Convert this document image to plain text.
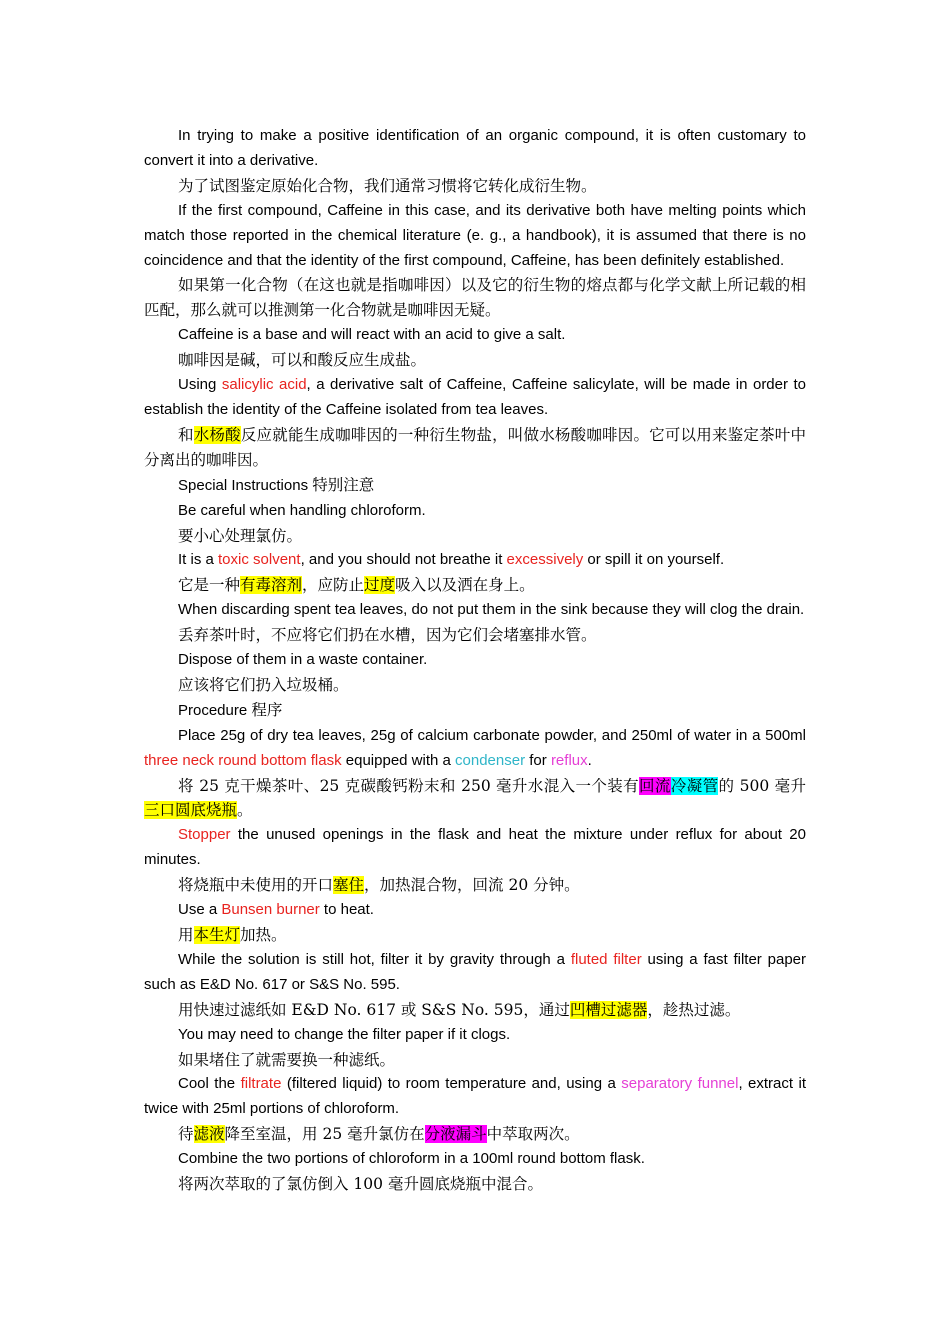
In trying to make a positive identification of an organic compound, it is often customary to convert it into a derivative.

为了试图鉴定原始化合物，我们通常习惯将它转化成衍生物。

If the first compound, Caffeine in this case, and its derivative both have melting points which match those reported in the chemical literature (e. g., a handbook), it is assumed that there is no coincidence and that the identity of the first compound, Caffeine, has been definitely established.

如果第一化合物（在这也就是指咖啡因）以及它的衍生物的熔点都与化学文献上所记载的相匹配，那么就可以推测第一化合物就是咖啡因无疑。

Caffeine is a base and will react with an acid to give a salt.

咖啡因是碱，可以和酸反应生成盐。

Using salicylic acid, a derivative salt of Caffeine, Caffeine salicylate, will be made in order to establish the identity of the Caffeine isolated from tea leaves.

和水杨酸反应就能生成咖啡因的一种衍生物盐，叫做水杨酸咖啡因。它可以用来鉴定茶叶中分离出的咖啡因。

Special Instructions 特别注意

Be careful when handling chloroform.

要小心处理氯仿。

It is a toxic solvent, and you should not breathe it excessively or spill it on yourself.

它是一种有毒溶剂，应防止过度吸入以及洒在身上。

When discarding spent tea leaves, do not put them in the sink because they will clog the drain.

丢弃茶叶时，不应将它们扔在水槽，因为它们会堵塞排水管。

Dispose of them in a waste container.

应该将它们扔入垃圾桶。

Procedure 程序

Place 25g of dry tea leaves, 25g of calcium carbonate powder, and 250ml of water in a 500ml three neck round bottom flask equipped with a condenser for reflux.

将 25 克干燥茶叶、25 克碳酸钙粉末和 250 毫升水混入一个装有回流冷凝管的 500 毫升三口圆底烧瓶。

Stopper the unused openings in the flask and heat the mixture under reflux for about 20 minutes.

将烧瓶中未使用的开口塞住，加热混合物，回流 20 分钟。

Use a Bunsen burner to heat.

用本生灯加热。

While the solution is still hot, filter it by gravity through a fluted filter using a fast filter paper such as E&D No. 617 or S&S No. 595.

用快速过滤纸如 E&D No. 617 或 S&S No. 595，通过凹槽过滤器，趁热过滤。

You may need to change the filter paper if it clogs.

如果堵住了就需要换一种滤纸。

Cool the filtrate (filtered liquid) to room temperature and, using a separatory funnel, extract it twice with 25ml portions of chloroform.

待滤液降至室温，用 25 毫升氯仿在分液漏斗中萃取两次。

Combine the two portions of chloroform in a 100ml round bottom flask.

将两次萃取的了氯仿倒入 100 毫升圆底烧瓶中混合。
